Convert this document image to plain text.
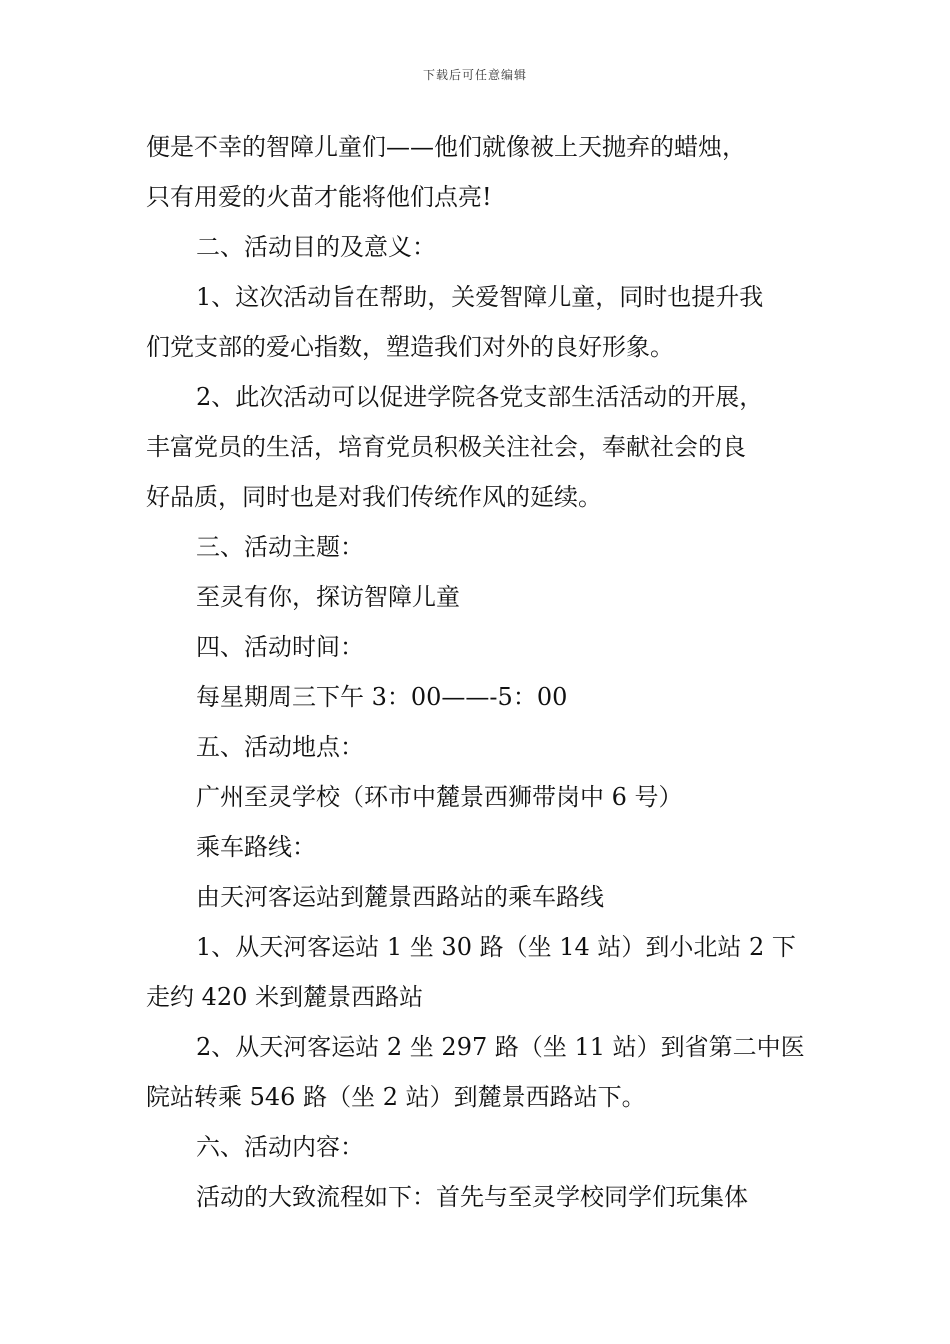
下载后可任意编辑
便是不幸的智障儿童们——他们就像被上天抛弃的蜡烛，
只有用爱的火苗才能将他们点亮!
二、活动目的及意义：
1、这次活动旨在帮助，关爱智障儿童，同时也提升我
们党支部的爱心指数，塑造我们对外的良好形象。
2、此次活动可以促进学院各党支部生活活动的开展，
丰富党员的生活，培育党员积极关注社会，奉献社会的良
好品质，同时也是对我们传统作风的延续。
三、活动主题：
至灵有你，探访智障儿童
四、活动时间：
每星期周三下午 3：00——-5：00
五、活动地点：
广州至灵学校（环市中麓景西狮带岗中 6 号）
乘车路线：
由天河客运站到麓景西路站的乘车路线
1、从天河客运站 1 坐 30 路（坐 14 站）到小北站 2 下
走约 420 米到麓景西路站
2、从天河客运站 2 坐 297 路（坐 11 站）到省第二中医
院站转乘 546 路（坐 2 站）到麓景西路站下。
六、活动内容：
活动的大致流程如下：首先与至灵学校同学们玩集体
